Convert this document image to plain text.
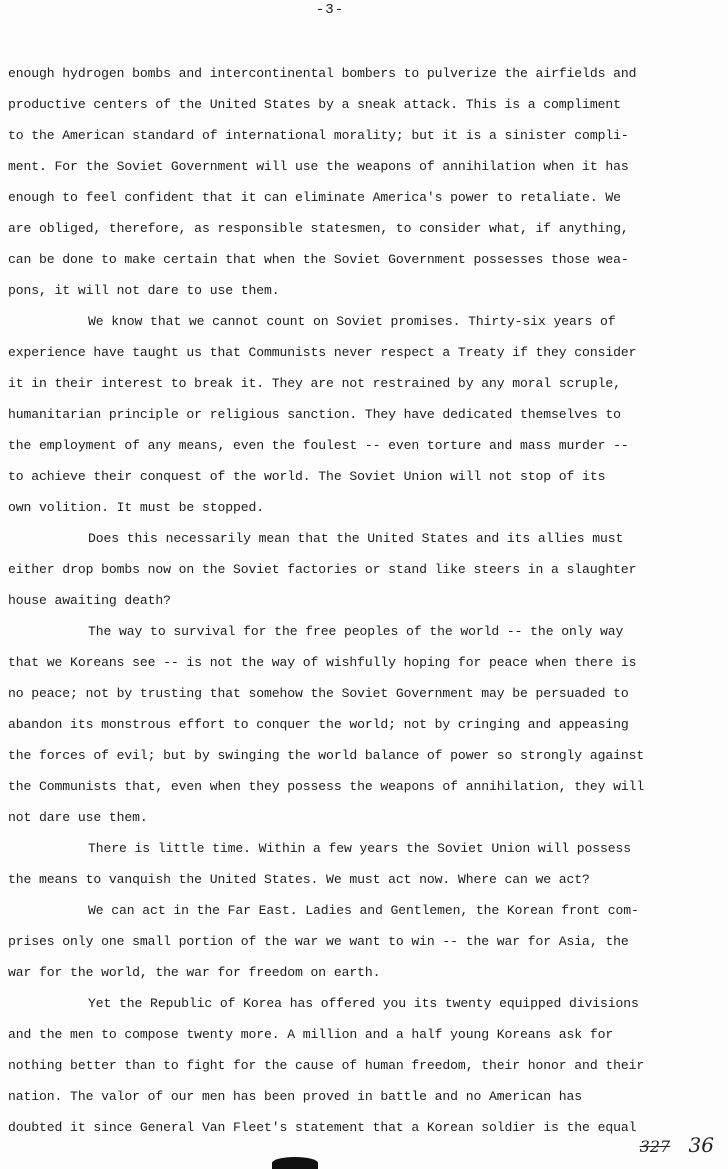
-3-

enough hydrogen bombs and intercontinental bombers to pulverize the airfields and
productive centers of the United States by a sneak attack. This is a compliment
to the American standard of international morality; but it is a sinister compli-
ment. For the Soviet Government will use the weapons of annihilation when it has
enough to feel confident that it can eliminate America's power to retaliate. We
are obliged, therefore, as responsible statesmen, to consider what, if anything,
can be done to make certain that when the Soviet Government possesses those wea-
pons, it will not dare to use them.

We know that we cannot count on Soviet promises. Thirty-six years of
experience have taught us that Communists never respect a Treaty if they consider
it in their interest to break it. They are not restrained by any moral scruple,
humanitarian principle or religious sanction. They have dedicated themselves to
the employment of any means, even the foulest -- even torture and mass murder --
to achieve their conquest of the world. The Soviet Union will not stop of its
own volition. It must be stopped.

Does this necessarily mean that the United States and its allies must
either drop bombs now on the Soviet factories or stand like steers in a slaughter
house awaiting death?

The way to survival for the free peoples of the world -- the only way
that we Koreans see -- is not the way of wishfully hoping for peace when there is
no peace; not by trusting that somehow the Soviet Government may be persuaded to
abandon its monstrous effort to conquer the world; not by cringing and appeasing
the forces of evil; but by swinging the world balance of power so strongly against
the Communists that, even when they possess the weapons of annihilation, they will
not dare use them.

There is little time. Within a few years the Soviet Union will possess
the means to vanquish the United States. We must act now. Where can we act?

We can act in the Far East. Ladies and Gentlemen, the Korean front com-
prises only one small portion of the war we want to win -- the war for Asia, the
war for the world, the war for freedom on earth.

Yet the Republic of Korea has offered you its twenty equipped divisions
and the men to compose twenty more. A million and a half young Koreans ask for
nothing better than to fight for the cause of human freedom, their honor and their
nation. The valor of our men has been proved in battle and no American has
doubted it since General Van Fleet's statement that a Korean soldier is the equal

327 36
